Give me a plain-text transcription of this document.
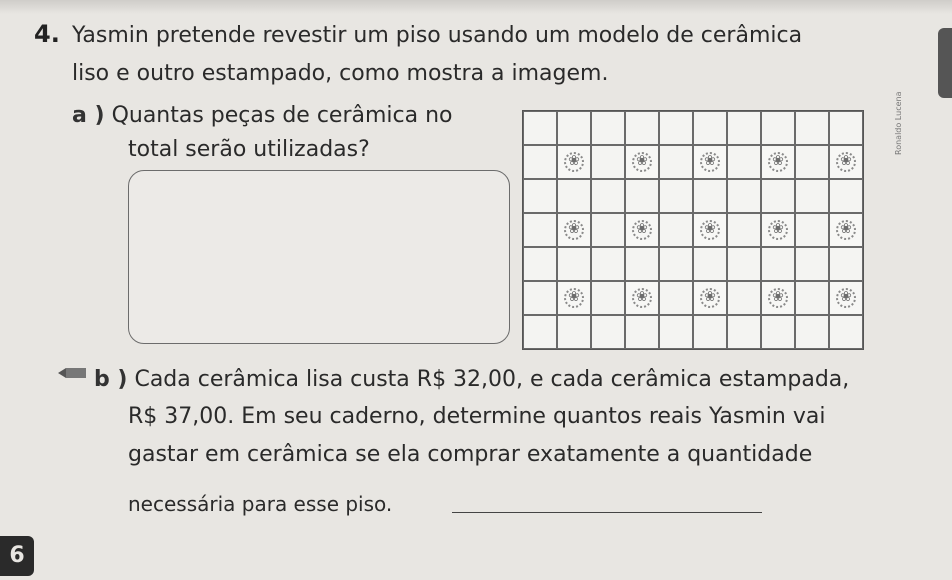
4. Yasmin pretende revestir um piso usando um modelo de cerâmica
liso e outro estampado, como mostra a imagem.
a ) Quantas peças de cerâmica no
total serão utilizadas?
❀
❀
❀
❀
❀
❀
❀
❀
❀
❀
❀
❀
❀
❀
❀	Ronaldo Lucena
b ) Cada cerâmica lisa custa R$ 32,00, e cada cerâmica estampada,
R$ 37,00. Em seu caderno, determine quantos reais Yasmin vai
gastar em cerâmica se ela comprar exatamente a quantidade
necessária para esse piso.
6
